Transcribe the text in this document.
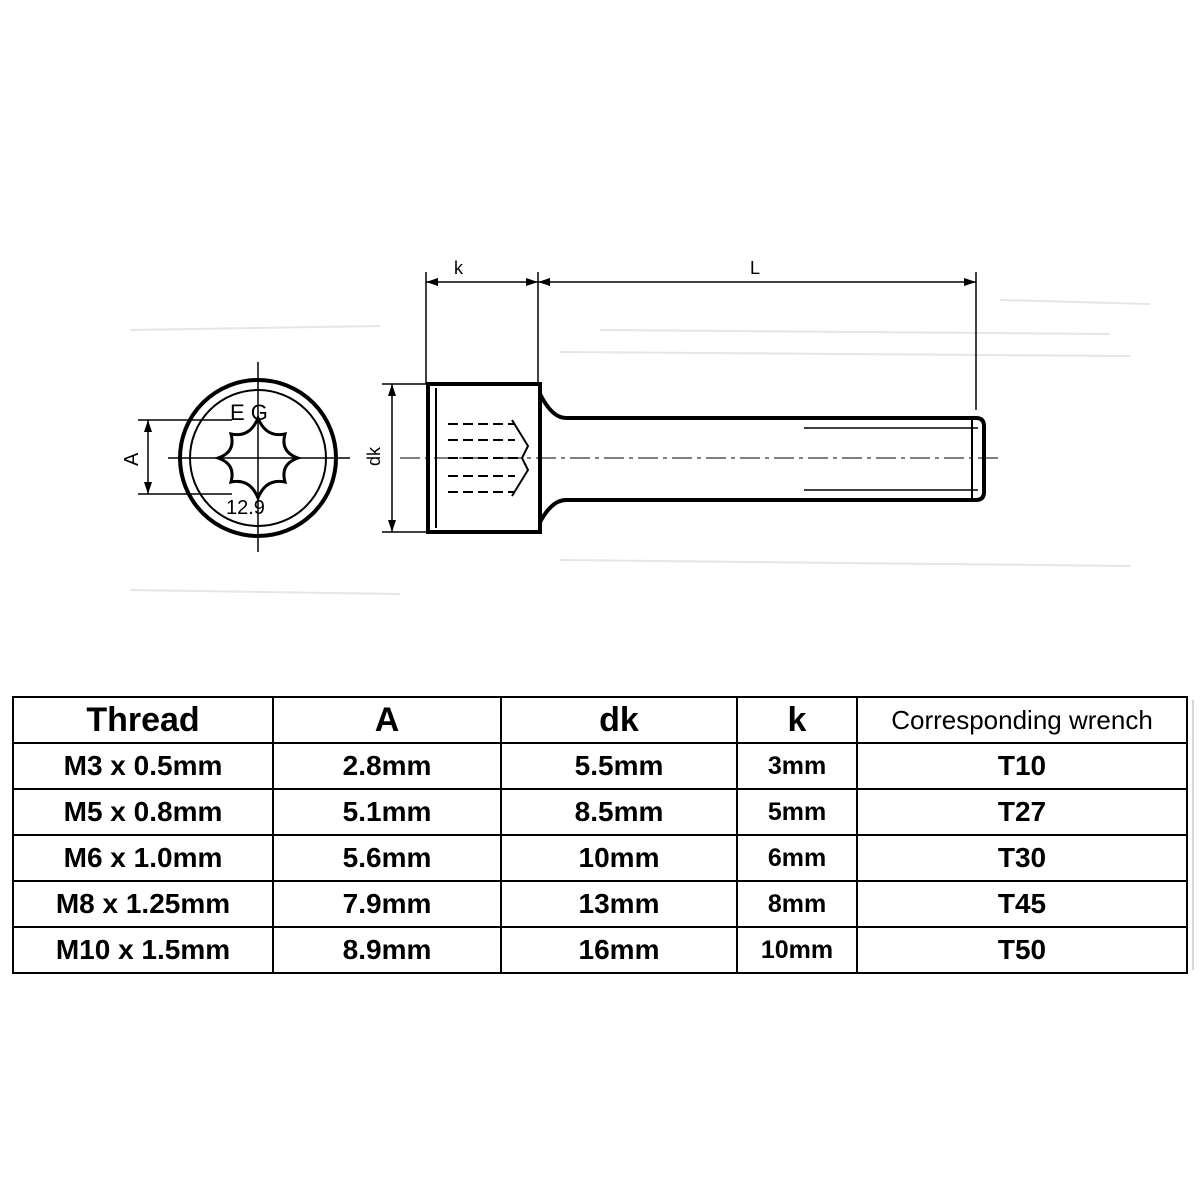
E G
12.9
A	dk
k	L
Thread	A	dk	k	Corresponding wrench
M3 x 0.5mm	2.8mm	5.5mm	3mm	T10
M5 x 0.8mm	5.1mm	8.5mm	5mm	T27
M6 x 1.0mm	5.6mm	10mm	6mm	T30
M8 x 1.25mm	7.9mm	13mm	8mm	T45
M10 x 1.5mm	8.9mm	16mm	10mm	T50
